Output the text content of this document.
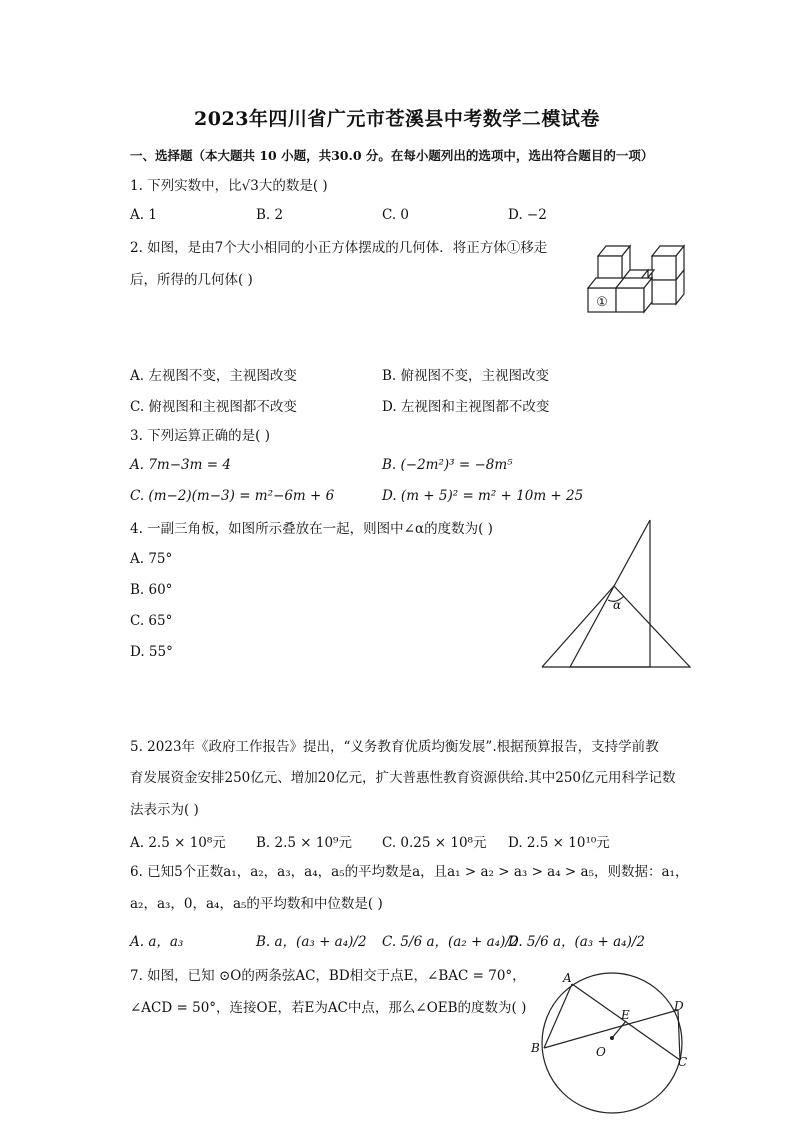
2023年四川省广元市苍溪县中考数学二模试卷
一、选择题（本大题共 10 小题，共30.0 分。在每小题列出的选项中，选出符合题目的一项）
1. 下列实数中，比√3大的数是( )
A. 1	B. 2	C. 0	D. −2
2. 如图，是由7个大小相同的小正方体摆成的几何体．将正方体①移走
后，所得的几何体( )
①
A. 左视图不变，主视图改变	B. 俯视图不变，主视图改变
C. 俯视图和主视图都不改变	D. 左视图和主视图都不改变
3. 下列运算正确的是( )
A. 7m−3m = 4	B. (−2m²)³ = −8m⁵
C. (m−2)(m−3) = m²−6m + 6	D. (m + 5)² = m² + 10m + 25
4. 一副三角板，如图所示叠放在一起，则图中∠α的度数为( )
A. 75°
B. 60°
C. 65°
D. 55°
α
5. 2023年《政府工作报告》提出，“义务教育优质均衡发展”.根据预算报告，支持学前教
育发展资金安排250亿元、增加20亿元，扩大普惠性教育资源供给.其中250亿元用科学记数
法表示为( )
A. 2.5 × 10⁸元 B. 2.5 × 10⁹元 C. 0.25 × 10⁸元 D. 2.5 × 10¹⁰元
6. 已知5个正数a₁，a₂，a₃，a₄，a₅的平均数是a，且a₁ > a₂ > a₃ > a₄ > a₅，则数据：a₁，
a₂，a₃，0，a₄，a₅的平均数和中位数是( )
A. a，a₃	B. a，(a₃ + a₄)/2 C. 5/6 a，(a₂ + a₄)/2
D. 5/6 a，(a₃ + a₄)/2
7. 如图，已知 ⊙O的两条弦AC，BD相交于点E，∠BAC = 70°，
∠ACD = 50°，连接OE，若E为AC中点，那么∠OEB的度数为( )
A
B
C
D
E
O
